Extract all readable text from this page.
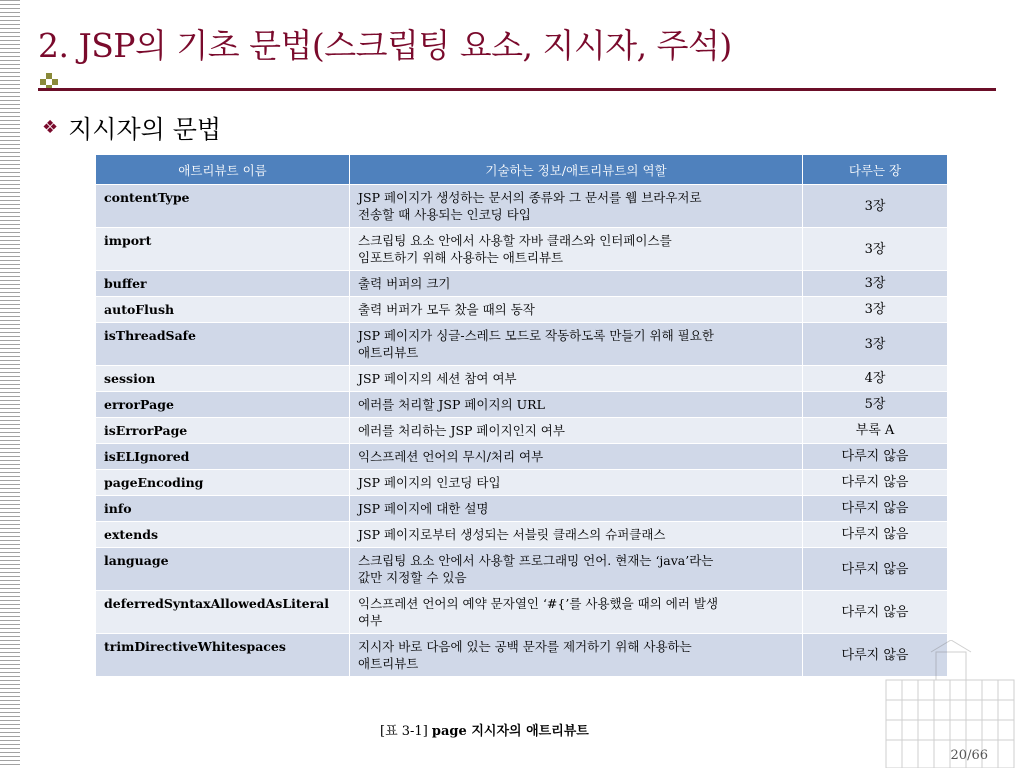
2. JSP의 기초 문법(스크립팅 요소, 지시자, 주석)
❖ 지시자의 문법
애트리뷰트 이름	기술하는 정보/애트리뷰트의 역할	다루는 장
contentType	JSP 페이지가 생성하는 문서의 종류와 그 문서를 웹 브라우저로
전송할 때 사용되는 인코딩 타입	3장
import	스크립팅 요소 안에서 사용할 자바 클래스와 인터페이스를
임포트하기 위해 사용하는 애트리뷰트	3장
buffer	출력 버퍼의 크기	3장
autoFlush	출력 버퍼가 모두 찼을 때의 동작	3장
isThreadSafe	JSP 페이지가 싱글-스레드 모드로 작동하도록 만들기 위해 필요한
애트리뷰트	3장
session	JSP 페이지의 세션 참여 여부	4장
errorPage	에러를 처리할 JSP 페이지의 URL	5장
isErrorPage	에러를 처리하는 JSP 페이지인지 여부	부록 A
isELIgnored	익스프레션 언어의 무시/처리 여부	다루지 않음
pageEncoding	JSP 페이지의 인코딩 타입	다루지 않음
info	JSP 페이지에 대한 설명	다루지 않음
extends	JSP 페이지로부터 생성되는 서블릿 클래스의 슈퍼클래스	다루지 않음
language	스크립팅 요소 안에서 사용할 프로그래밍 언어. 현재는 ‘java’라는
값만 지정할 수 있음	다루지 않음
deferredSyntaxAllowedAsLiteral	익스프레션 언어의 예약 문자열인 ‘#{’를 사용했을 때의 에러 발생
여부	다루지 않음
trimDirectiveWhitespaces	지시자 바로 다음에 있는 공백 문자를 제거하기 위해 사용하는
애트리뷰트	다루지 않음
[표 3-1] page 지시자의 애트리뷰트
20/66
